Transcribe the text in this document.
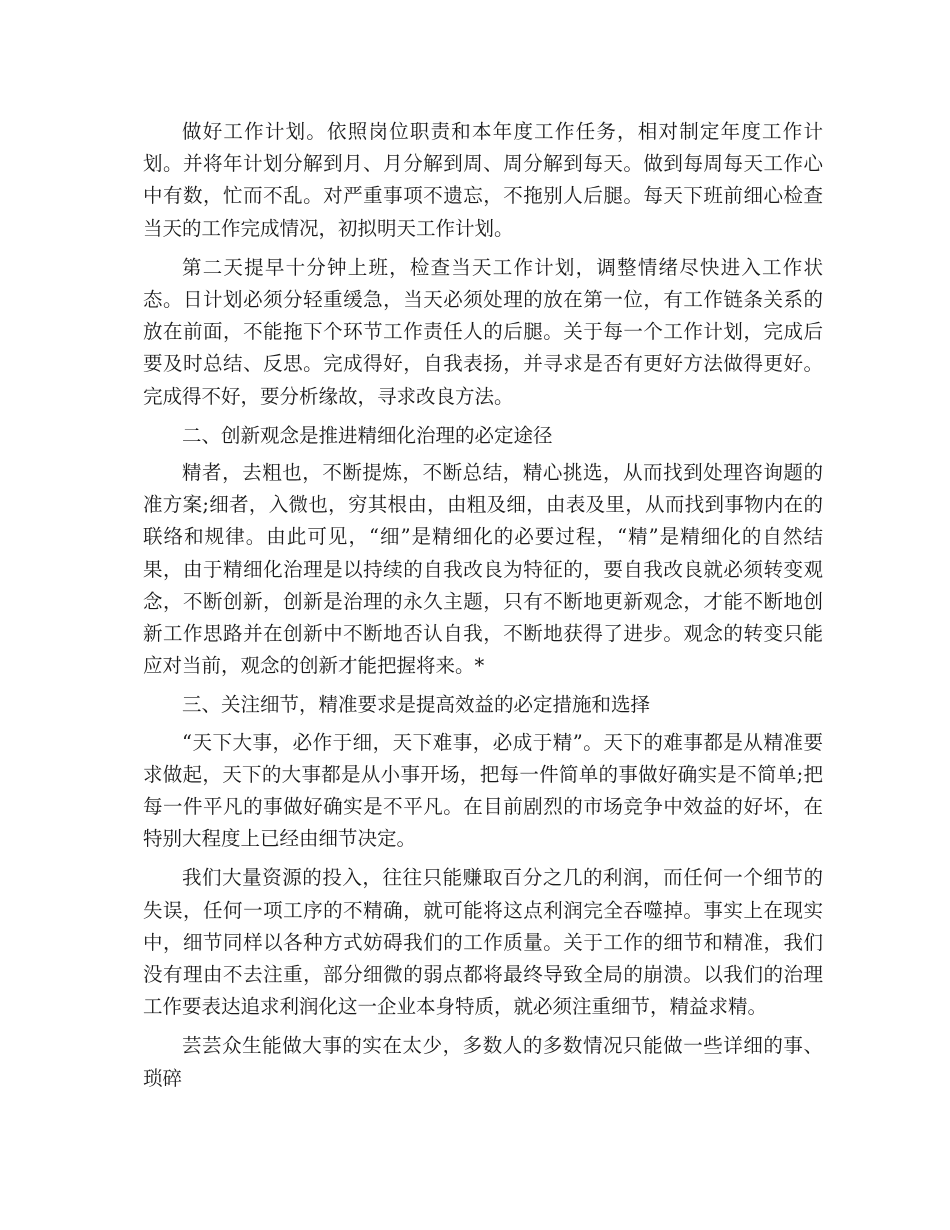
做好工作计划。依照岗位职责和本年度工作任务，相对制定年度工作计划。并将年计划分解到月、月分解到周、周分解到每天。做到每周每天工作心中有数，忙而不乱。对严重事项不遗忘，不拖别人后腿。每天下班前细心检查当天的工作完成情况，初拟明天工作计划。

第二天提早十分钟上班，检查当天工作计划，调整情绪尽快进入工作状态。日计划必须分轻重缓急，当天必须处理的放在第一位，有工作链条关系的放在前面，不能拖下个环节工作责任人的后腿。关于每一个工作计划，完成后要及时总结、反思。完成得好，自我表扬，并寻求是否有更好方法做得更好。完成得不好，要分析缘故，寻求改良方法。

二、创新观念是推进精细化治理的必定途径

精者，去粗也，不断提炼，不断总结，精心挑选，从而找到处理咨询题的准方案;细者，入微也，穷其根由，由粗及细，由表及里，从而找到事物内在的联络和规律。由此可见，“细”是精细化的必要过程，“精”是精细化的自然结果，由于精细化治理是以持续的自我改良为特征的，要自我改良就必须转变观念，不断创新，创新是治理的永久主题，只有不断地更新观念，才能不断地创新工作思路并在创新中不断地否认自我，不断地获得了进步。观念的转变只能应对当前，观念的创新才能把握将来。*

三、关注细节，精准要求是提高效益的必定措施和选择

“天下大事，必作于细，天下难事，必成于精”。天下的难事都是从精准要求做起，天下的大事都是从小事开场，把每一件简单的事做好确实是不简单;把每一件平凡的事做好确实是不平凡。在目前剧烈的市场竞争中效益的好坏，在特别大程度上已经由细节决定。

我们大量资源的投入，往往只能赚取百分之几的利润，而任何一个细节的失误，任何一项工序的不精确，就可能将这点利润完全吞噬掉。事实上在现实中，细节同样以各种方式妨碍我们的工作质量。关于工作的细节和精准，我们没有理由不去注重，部分细微的弱点都将最终导致全局的崩溃。以我们的治理工作要表达追求利润化这一企业本身特质，就必须注重细节，精益求精。

芸芸众生能做大事的实在太少，多数人的多数情况只能做一些详细的事、琐碎
